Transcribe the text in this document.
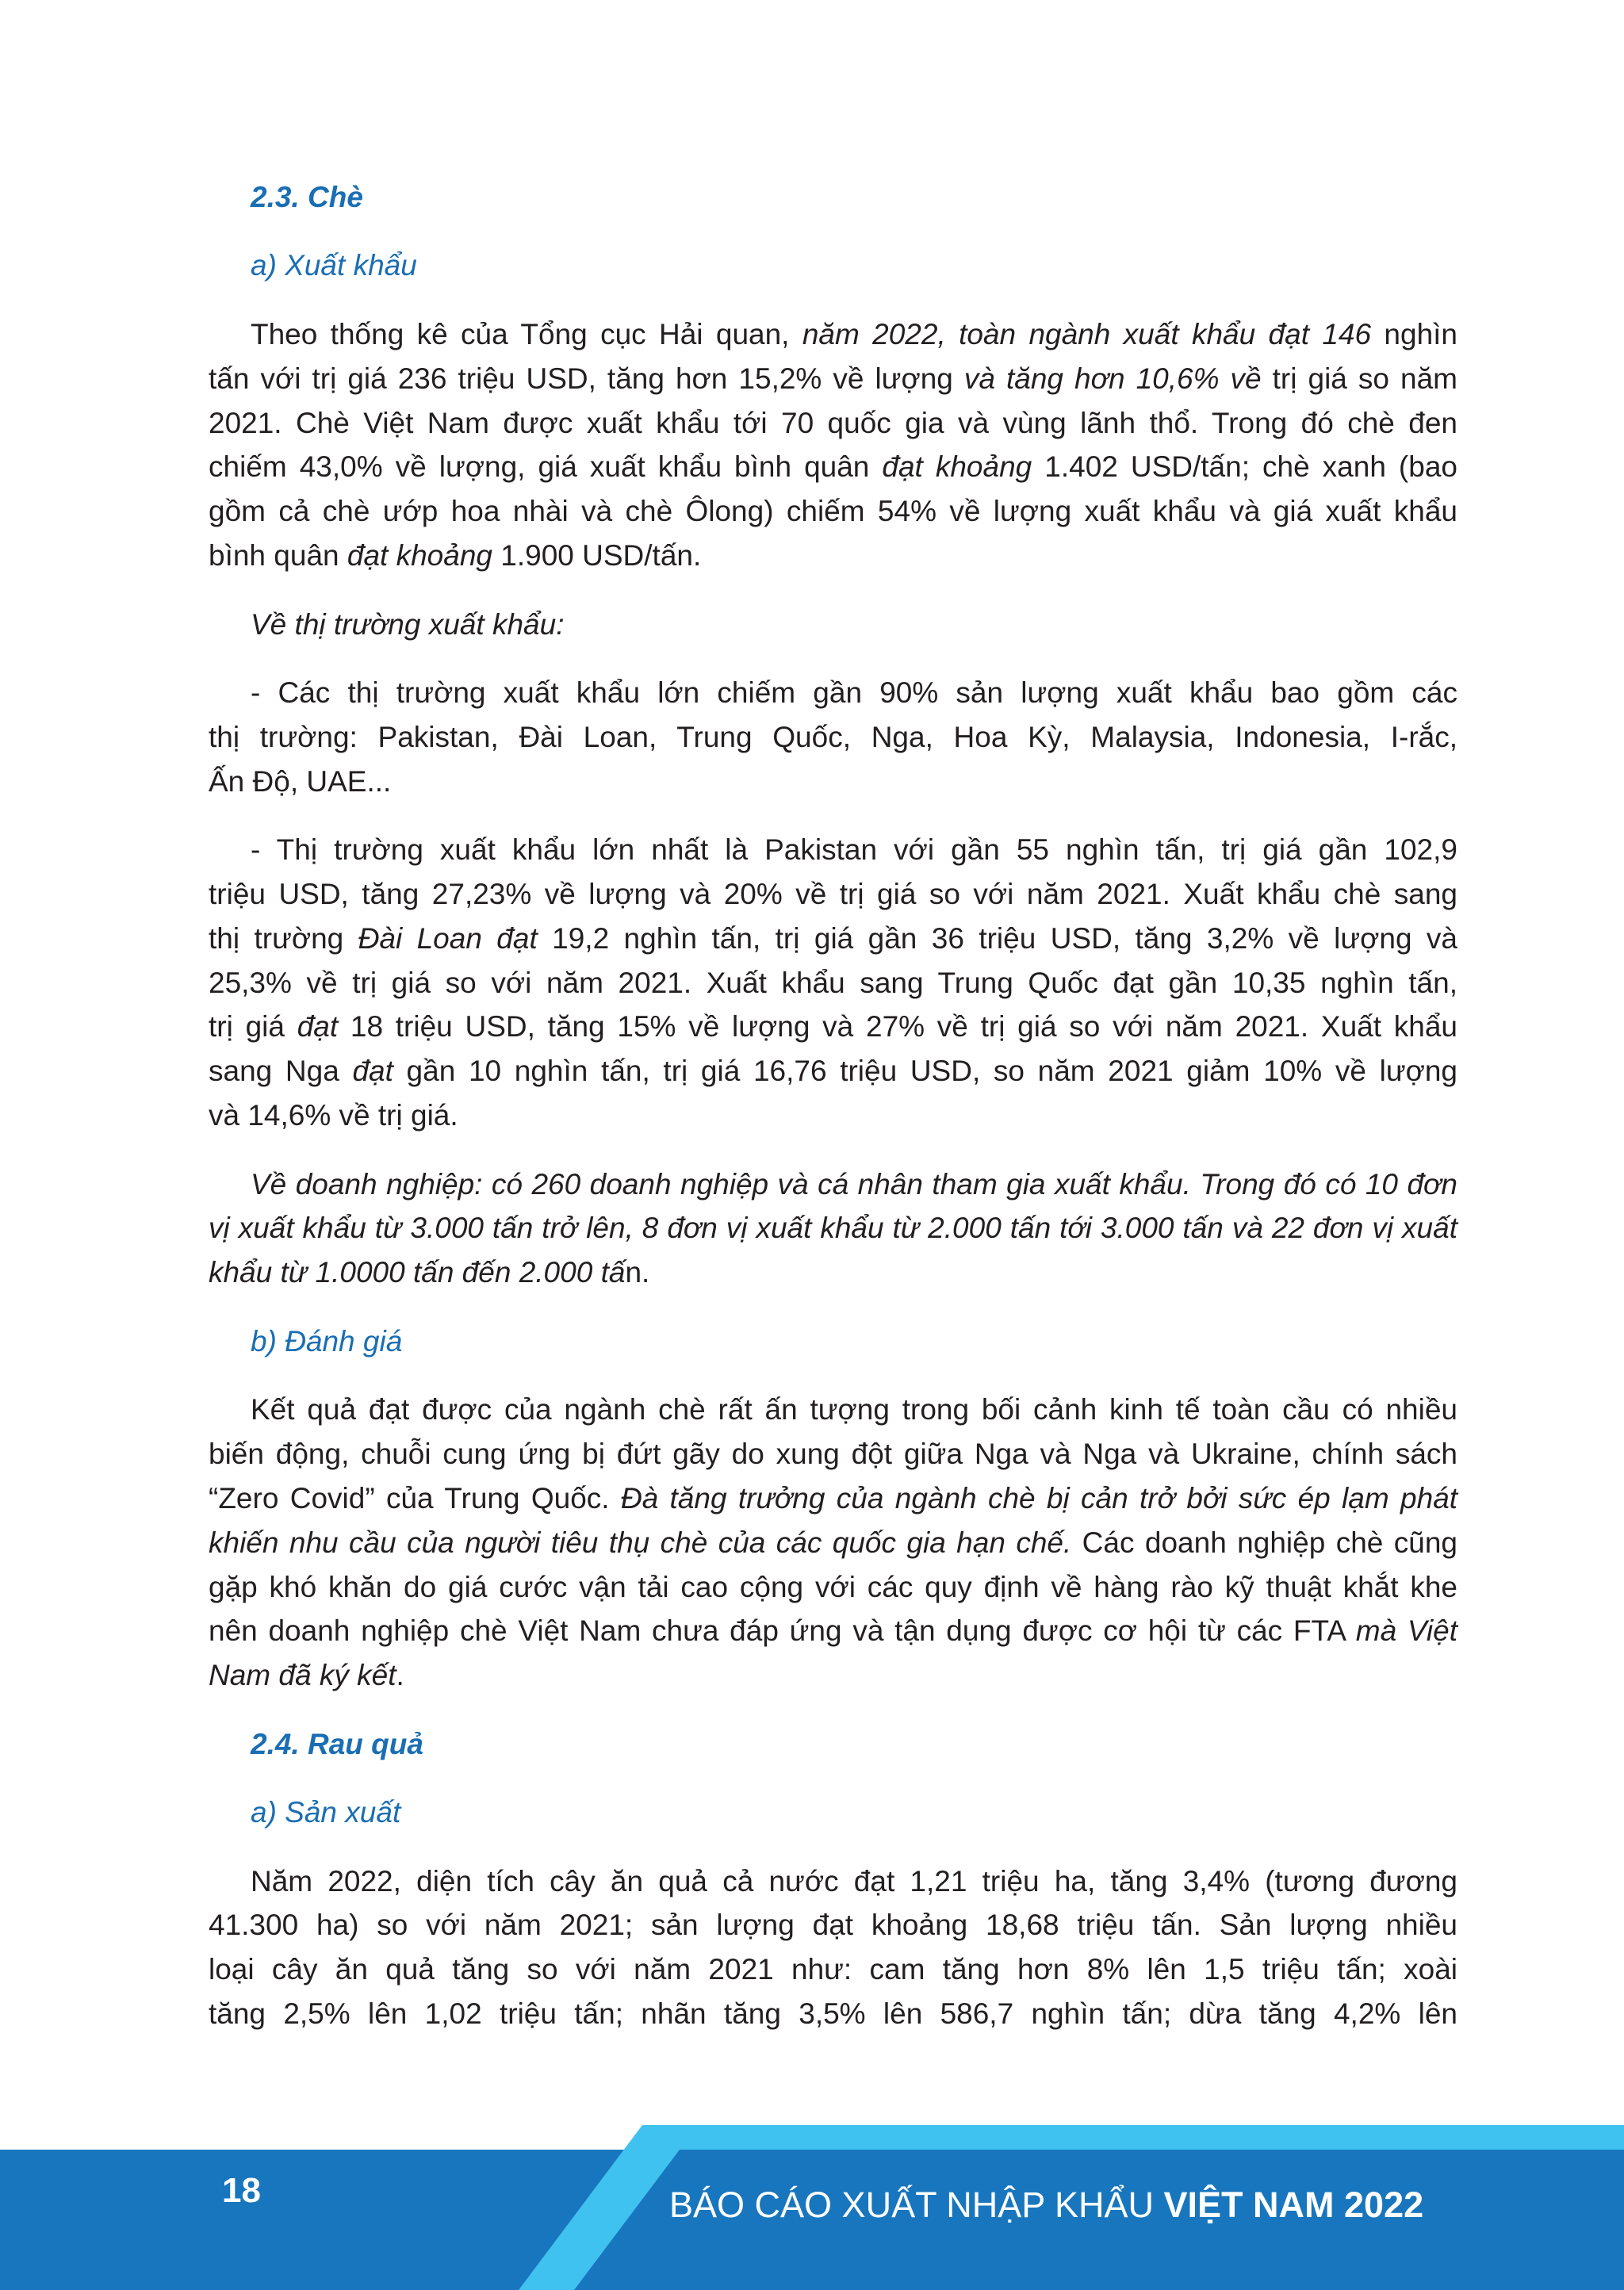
2.3. Chè
a) Xuất khẩu
Theo thống kê của Tổng cục Hải quan, năm 2022, toàn ngành xuất khẩu đạt 146 nghìn
tấn với trị giá 236 triệu USD, tăng hơn 15,2% về lượng và tăng hơn 10,6% về trị giá so năm
2021. Chè Việt Nam được xuất khẩu tới 70 quốc gia và vùng lãnh thổ. Trong đó chè đen
chiếm 43,0% về lượng, giá xuất khẩu bình quân đạt khoảng 1.402 USD/tấn; chè xanh (bao
gồm cả chè ướp hoa nhài và chè Ôlong) chiếm 54% về lượng xuất khẩu và giá xuất khẩu
bình quân đạt khoảng 1.900 USD/tấn.
Về thị trường xuất khẩu:
- Các thị trường xuất khẩu lớn chiếm gần 90% sản lượng xuất khẩu bao gồm các
thị trường: Pakistan, Đài Loan, Trung Quốc, Nga, Hoa Kỳ, Malaysia, Indonesia, I-rắc,
Ấn Độ, UAE...
- Thị trường xuất khẩu lớn nhất là Pakistan với gần 55 nghìn tấn, trị giá gần 102,9
triệu USD, tăng 27,23% về lượng và 20% về trị giá so với năm 2021. Xuất khẩu chè sang
thị trường Đài Loan đạt 19,2 nghìn tấn, trị giá gần 36 triệu USD, tăng 3,2% về lượng và
25,3% về trị giá so với năm 2021. Xuất khẩu sang Trung Quốc đạt gần 10,35 nghìn tấn,
trị giá đạt 18 triệu USD, tăng 15% về lượng và 27% về trị giá so với năm 2021. Xuất khẩu
sang Nga đạt gần 10 nghìn tấn, trị giá 16,76 triệu USD, so năm 2021 giảm 10% về lượng
và 14,6% về trị giá.
Về doanh nghiệp: có 260 doanh nghiệp và cá nhân tham gia xuất khẩu. Trong đó có 10 đơn
vị xuất khẩu từ 3.000 tấn trở lên, 8 đơn vị xuất khẩu từ 2.000 tấn tới 3.000 tấn và 22 đơn vị xuất
khẩu từ 1.0000 tấn đến 2.000 tấn.
b) Đánh giá
Kết quả đạt được của ngành chè rất ấn tượng trong bối cảnh kinh tế toàn cầu có nhiều
biến động, chuỗi cung ứng bị đứt gãy do xung đột giữa Nga và Nga và Ukraine, chính sách
“Zero Covid” của Trung Quốc. Đà tăng trưởng của ngành chè bị cản trở bởi sức ép lạm phát
khiến nhu cầu của người tiêu thụ chè của các quốc gia hạn chế. Các doanh nghiệp chè cũng
gặp khó khăn do giá cước vận tải cao cộng với các quy định về hàng rào kỹ thuật khắt khe
nên doanh nghiệp chè Việt Nam chưa đáp ứng và tận dụng được cơ hội từ các FTA mà Việt
Nam đã ký kết.
2.4. Rau quả
a) Sản xuất
Năm 2022, diện tích cây ăn quả cả nước đạt 1,21 triệu ha, tăng 3,4% (tương đương
41.300 ha) so với năm 2021; sản lượng đạt khoảng 18,68 triệu tấn. Sản lượng nhiều
loại cây ăn quả tăng so với năm 2021 như: cam tăng hơn 8% lên 1,5 triệu tấn; xoài
tăng 2,5% lên 1,02 triệu tấn; nhãn tăng 3,5% lên 586,7 nghìn tấn; dừa tăng 4,2% lên
18	BÁO CÁO XUẤT NHẬP KHẨU VIỆT NAM 2022
